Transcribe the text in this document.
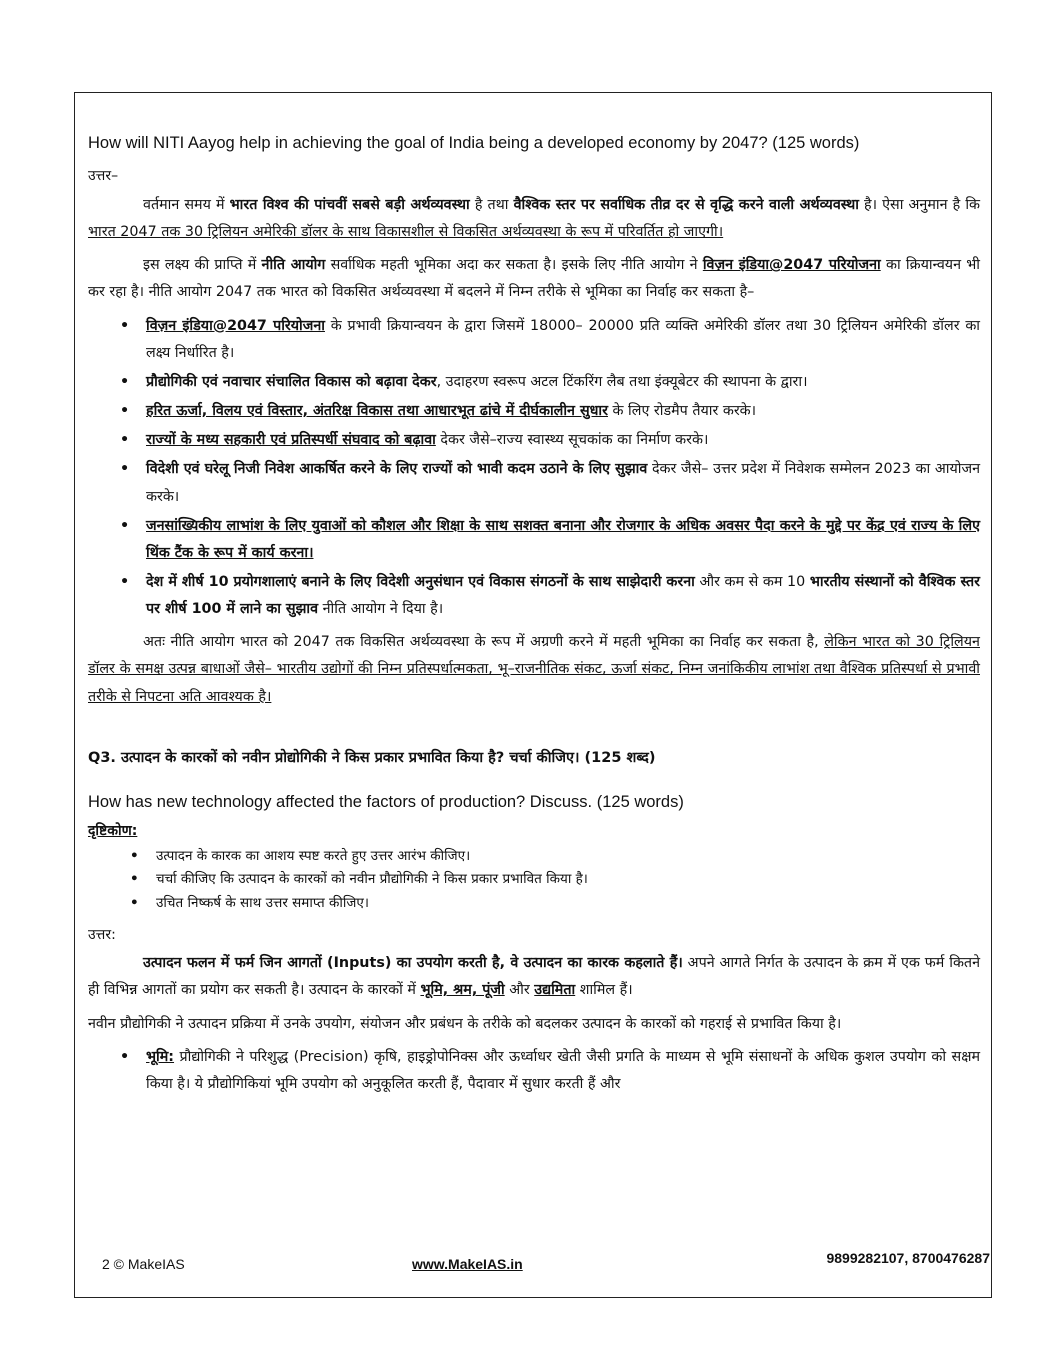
How will NITI Aayog help in achieving the goal of India being a developed economy by 2047? (125 words)

उत्तर–

वर्तमान समय में भारत विश्व की पांचवीं सबसे बड़ी अर्थव्यवस्था है तथा वैश्विक स्तर पर सर्वाधिक तीव्र दर से वृद्धि करने वाली अर्थव्यवस्था है। ऐसा अनुमान है कि भारत 2047 तक 30 ट्रिलियन अमेरिकी डॉलर के साथ विकासशील से विकसित अर्थव्यवस्था के रूप में परिवर्तित हो जाएगी।

इस लक्ष्य की प्राप्ति में नीति आयोग सर्वाधिक महती भूमिका अदा कर सकता है। इसके लिए नीति आयोग ने विज़न इंडिया@2047 परियोजना का क्रियान्वयन भी कर रहा है। नीति आयोग 2047 तक भारत को विकसित अर्थव्यवस्था में बदलने में निम्न तरीके से भूमिका का निर्वाह कर सकता है–

• विज़न इंडिया@2047 परियोजना के प्रभावी क्रियान्वयन के द्वारा जिसमें 18000– 20000 प्रति व्यक्ति अमेरिकी डॉलर तथा 30 ट्रिलियन अमेरिकी डॉलर का लक्ष्य निर्धारित है।
• प्रौद्योगिकी एवं नवाचार संचालित विकास को बढ़ावा देकर, उदाहरण स्वरूप अटल टिंकरिंग लैब तथा इंक्यूबेटर की स्थापना के द्वारा।
• हरित ऊर्जा, विलय एवं विस्तार, अंतरिक्ष विकास तथा आधारभूत ढांचे में दीर्घकालीन सुधार के लिए रोडमैप तैयार करके।
• राज्यों के मध्य सहकारी एवं प्रतिस्पर्धी संघवाद को बढ़ावा देकर जैसे–राज्य स्वास्थ्य सूचकांक का निर्माण करके।
• विदेशी एवं घरेलू निजी निवेश आकर्षित करने के लिए राज्यों को भावी कदम उठाने के लिए सुझाव देकर जैसे– उत्तर प्रदेश में निवेशक सम्मेलन 2023 का आयोजन करके।
• जनसांख्यिकीय लाभांश के लिए युवाओं को कौशल और शिक्षा के साथ सशक्त बनाना और रोजगार के अधिक अवसर पैदा करने के मुद्दे पर केंद्र एवं राज्य के लिए थिंक टैंक के रूप में कार्य करना।
• देश में शीर्ष 10 प्रयोगशालाएं बनाने के लिए विदेशी अनुसंधान एवं विकास संगठनों के साथ साझेदारी करना और कम से कम 10 भारतीय संस्थानों को वैश्विक स्तर पर शीर्ष 100 में लाने का सुझाव नीति आयोग ने दिया है।

अतः नीति आयोग भारत को 2047 तक विकसित अर्थव्यवस्था के रूप में अग्रणी करने में महती भूमिका का निर्वाह कर सकता है, लेकिन भारत को 30 ट्रिलियन डॉलर के समक्ष उत्पन्न बाधाओं जैसे– भारतीय उद्योगों की निम्न प्रतिस्पर्धात्मकता, भू–राजनीतिक संकट, ऊर्जा संकट, निम्न जनांकिकीय लाभांश तथा वैश्विक प्रतिस्पर्धा से प्रभावी तरीके से निपटना अति आवश्यक है।

Q3. उत्पादन के कारकों को नवीन प्रोद्योगिकी ने किस प्रकार प्रभावित किया है? चर्चा कीजिए। (125 शब्द)

How has new technology affected the factors of production? Discuss. (125 words)

दृष्टिकोण:

• उत्पादन के कारक का आशय स्पष्ट करते हुए उत्तर आरंभ कीजिए।
• चर्चा कीजिए कि उत्पादन के कारकों को नवीन प्रौद्योगिकी ने किस प्रकार प्रभावित किया है।
• उचित निष्कर्ष के साथ उत्तर समाप्त कीजिए।

उत्तर:

उत्पादन फलन में फर्म जिन आगतों (Inputs) का उपयोग करती है, वे उत्पादन का कारक कहलाते हैं। अपने आगते निर्गत के उत्पादन के क्रम में एक फर्म कितने ही विभिन्न आगतों का प्रयोग कर सकती है। उत्पादन के कारकों में भूमि, श्रम, पूंजी और उद्यमिता शामिल हैं।

नवीन प्रौद्योगिकी ने उत्पादन प्रक्रिया में उनके उपयोग, संयोजन और प्रबंधन के तरीके को बदलकर उत्पादन के कारकों को गहराई से प्रभावित किया है।

• भूमि: प्रौद्योगिकी ने परिशुद्ध (Precision) कृषि, हाइड्रोपोनिक्स और ऊर्ध्वाधर खेती जैसी प्रगति के माध्यम से भूमि संसाधनों के अधिक कुशल उपयोग को सक्षम किया है। ये प्रौद्योगिकियां भूमि उपयोग को अनुकूलित करती हैं, पैदावार में सुधार करती हैं और
2 © MakeIAS	www.MakeIAS.in	9899282107, 8700476287
